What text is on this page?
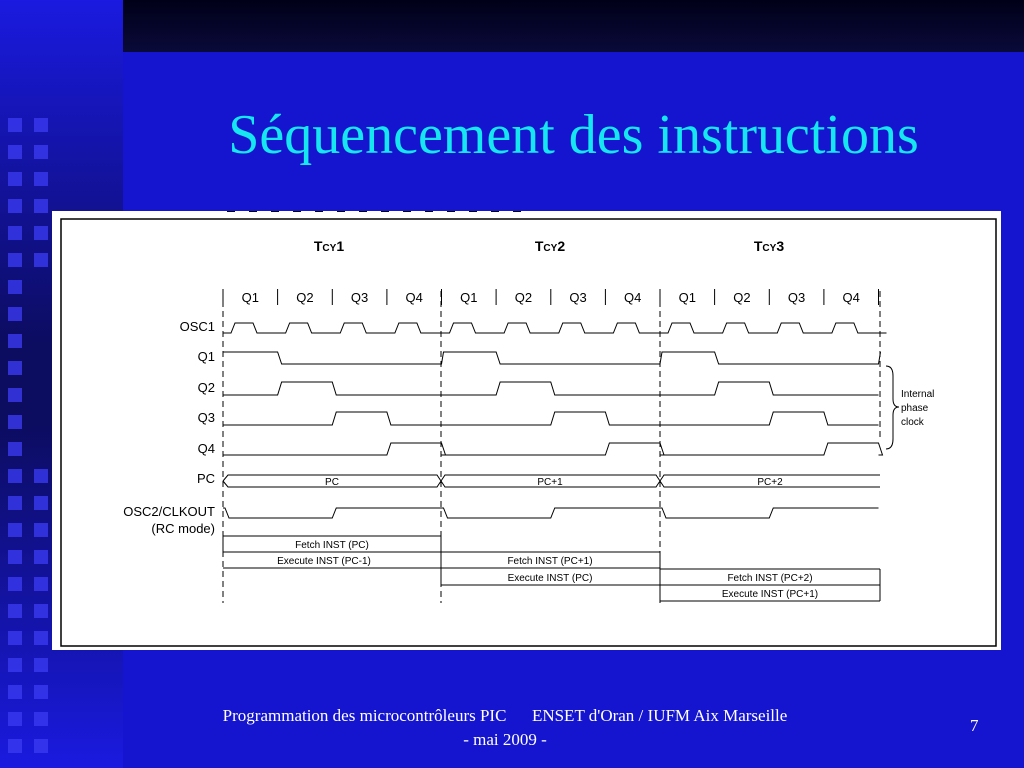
Séquencement des instructions
TCY1	TCY2	TCY3
Q1	Q2	Q3	Q4	Q1	Q2	Q3	Q4	Q1	Q2	Q3	Q4
OSC1
Q1
Q2
Q3
Q4
PC
OSC2/CLKOUT
(RC mode)
PC	PC+1	PC+2
Internal
phase
clock
Fetch INST (PC)
Execute INST (PC-1)	Fetch INST (PC+1)
Execute INST (PC)	Fetch INST (PC+2)
Execute INST (PC+1)
Programmation des microcontrôleurs PIC ENSET d'Oran / IUFM Aix Marseille
- mai 2009 -
7
